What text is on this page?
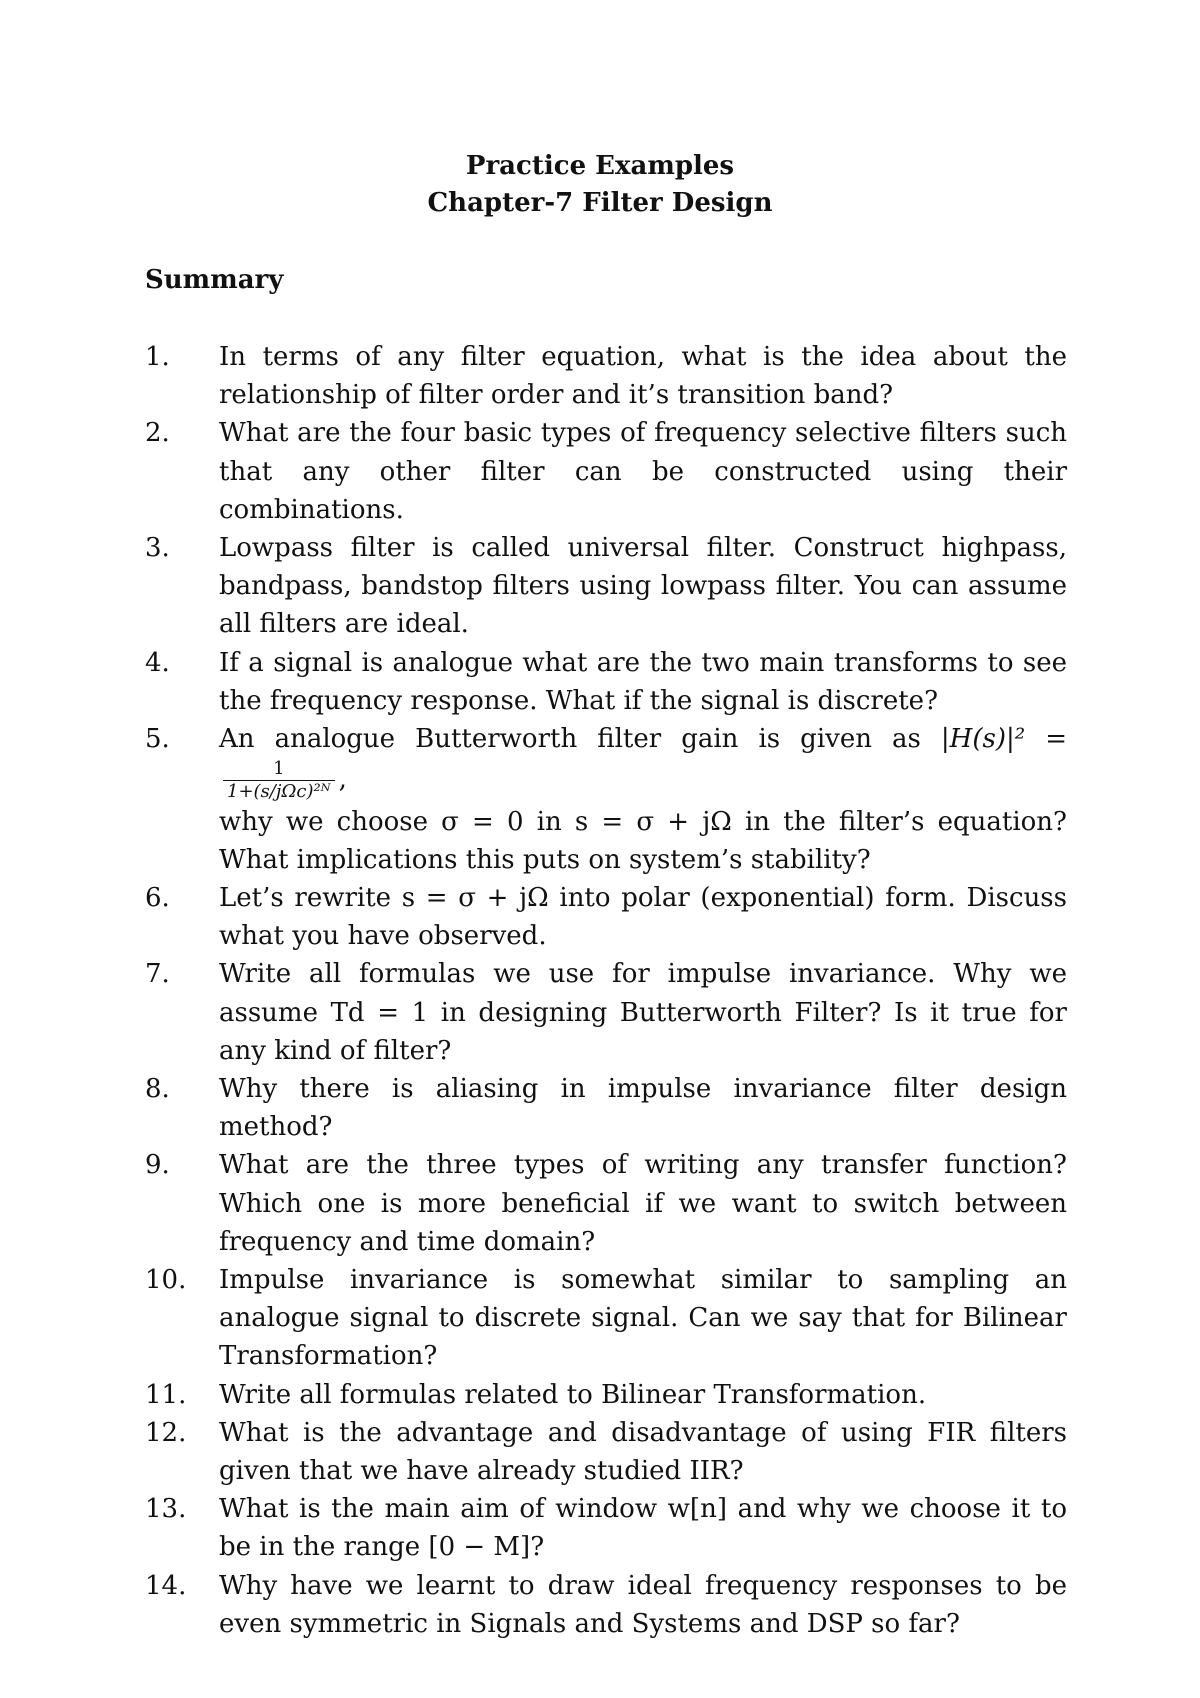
Practice Examples
Chapter-7 Filter Design
Summary
1.	In terms of any filter equation, what is the idea about the relationship of filter order and it’s transition band?
2.	What are the four basic types of frequency selective filters such that any other filter can be constructed using their combinations.
3.	Lowpass filter is called universal filter. Construct highpass, bandpass, bandstop filters using lowpass filter. You can assume all filters are ideal.
4.	If a signal is analogue what are the two main transforms to see the frequency response. What if the signal is discrete?
5.	An analogue Butterworth filter gain is given as |H(s)|² =
$\frac{1}{\text{1+(s/jΩc)²ᴺ}}$ ,
why we choose σ = 0 in s = σ + jΩ in the filter’s equation? What implications this puts on system’s stability?
6.	Let’s rewrite s = σ + jΩ into polar (exponential) form. Discuss what you have observed.
7.	Write all formulas we use for impulse invariance. Why we assume Td = 1 in designing Butterworth Filter? Is it true for any kind of filter?
8.	Why there is aliasing in impulse invariance filter design method?
9.	What are the three types of writing any transfer function? Which one is more beneficial if we want to switch between frequency and time domain?
10.	Impulse invariance is somewhat similar to sampling an analogue signal to discrete signal. Can we say that for Bilinear Transformation?
11.	Write all formulas related to Bilinear Transformation.
12.	What is the advantage and disadvantage of using FIR filters given that we have already studied IIR?
13.	What is the main aim of window w[n] and why we choose it to be in the range [0 − M]?
14.	Why have we learnt to draw ideal frequency responses to be even symmetric in Signals and Systems and DSP so far?
